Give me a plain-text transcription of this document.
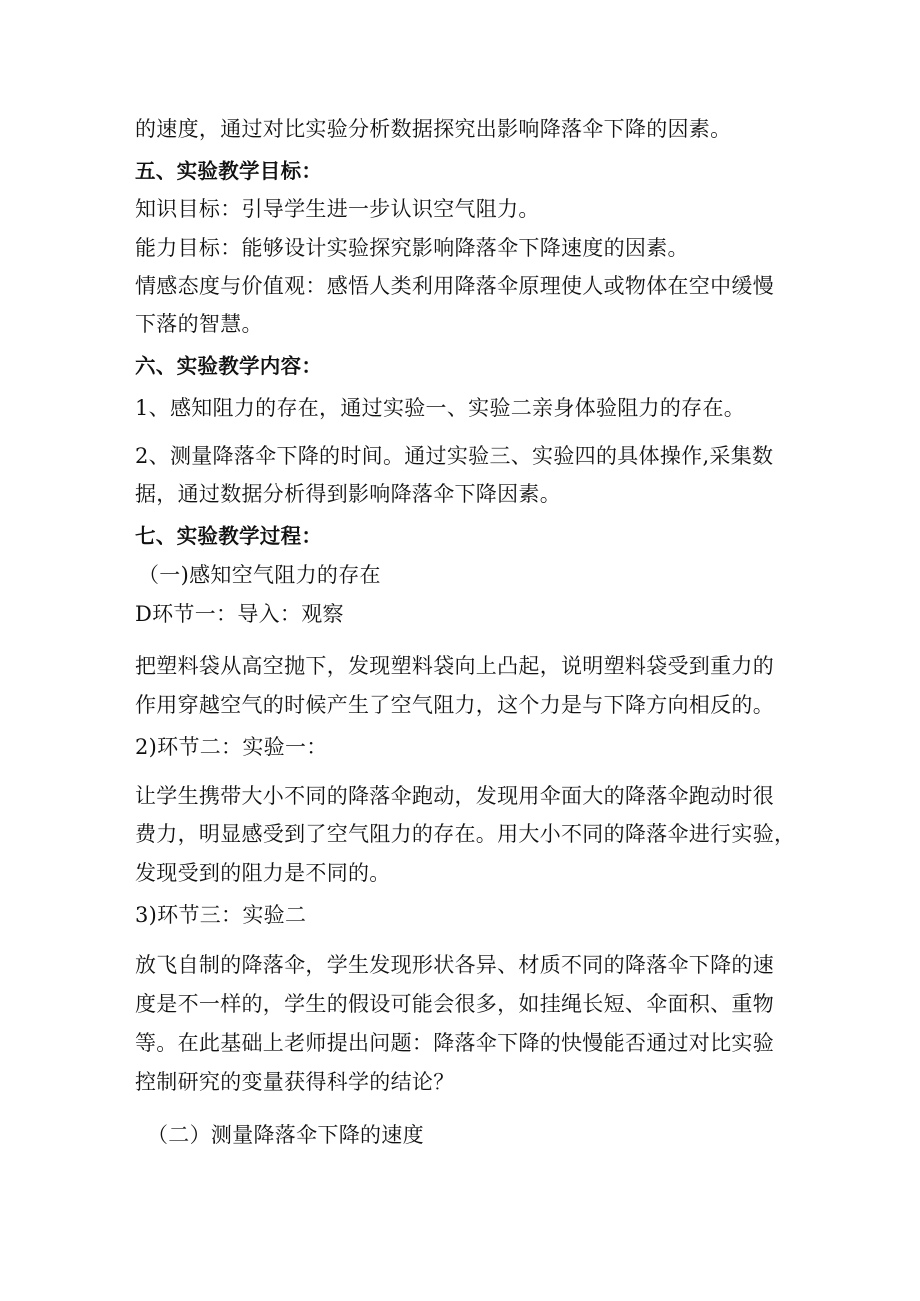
的速度，通过对比实验分析数据探究出影响降落伞下降的因素。
五、实验教学目标：
知识目标：引导学生进一步认识空气阻力。
能力目标：能够设计实验探究影响降落伞下降速度的因素。
情感态度与价值观：感悟人类利用降落伞原理使人或物体在空中缓慢
下落的智慧。
六、实验教学内容：
1、感知阻力的存在，通过实验一、实验二亲身体验阻力的存在。
2、测量降落伞下降的时间。通过实验三、实验四的具体操作,采集数
据，通过数据分析得到影响降落伞下降因素。
七、实验教学过程：
（一)感知空气阻力的存在
D环节一：导入：观察
把塑料袋从高空抛下，发现塑料袋向上凸起，说明塑料袋受到重力的
作用穿越空气的时候产生了空气阻力，这个力是与下降方向相反的。
2)环节二：实验一：
让学生携带大小不同的降落伞跑动，发现用伞面大的降落伞跑动时很
费力，明显感受到了空气阻力的存在。用大小不同的降落伞进行实验，
发现受到的阻力是不同的。
3)环节三：实验二
放飞自制的降落伞，学生发现形状各异、材质不同的降落伞下降的速
度是不一样的，学生的假设可能会很多，如挂绳长短、伞面积、重物
等。在此基础上老师提出问题：降落伞下降的快慢能否通过对比实验
控制研究的变量获得科学的结论？
（二）测量降落伞下降的速度
